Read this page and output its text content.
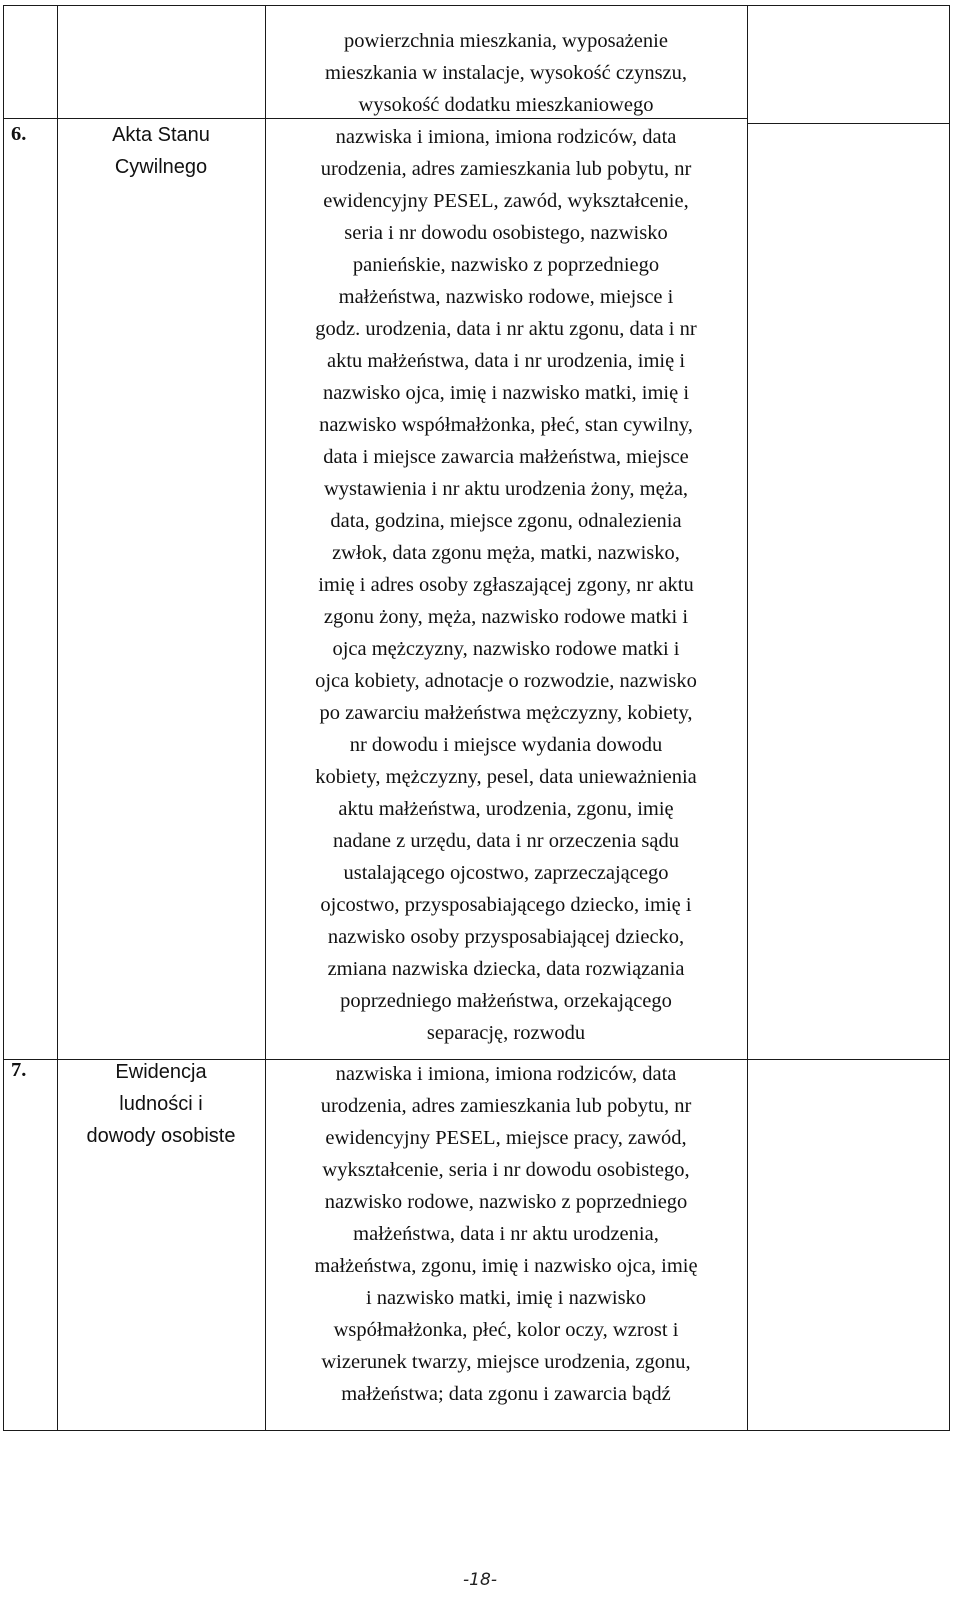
powierzchnia mieszkania, wyposażenie
mieszkania w instalacje, wysokość czynszu,
wysokość dodatku mieszkaniowego
6.	Akta Stanu
Cywilnego
nazwiska i imiona, imiona rodziców, data
urodzenia, adres zamieszkania lub pobytu, nr
ewidencyjny PESEL, zawód, wykształcenie,
seria i nr dowodu osobistego, nazwisko
panieńskie, nazwisko z poprzedniego
małżeństwa, nazwisko rodowe, miejsce i
godz. urodzenia, data i nr aktu zgonu, data i nr
aktu małżeństwa, data i nr urodzenia, imię i
nazwisko ojca, imię i nazwisko matki, imię i
nazwisko współmałżonka, płeć, stan cywilny,
data i miejsce zawarcia małżeństwa, miejsce
wystawienia i nr aktu urodzenia żony, męża,
data, godzina, miejsce zgonu, odnalezienia
zwłok, data zgonu męża, matki, nazwisko,
imię i adres osoby zgłaszającej zgony, nr aktu
zgonu żony, męża, nazwisko rodowe matki i
ojca mężczyzny, nazwisko rodowe matki i
ojca kobiety, adnotacje o rozwodzie, nazwisko
po zawarciu małżeństwa mężczyzny, kobiety,
nr dowodu i miejsce wydania dowodu
kobiety, mężczyzny, pesel, data unieważnienia
aktu małżeństwa, urodzenia, zgonu, imię
nadane z urzędu, data i nr orzeczenia sądu
ustalającego ojcostwo, zaprzeczającego
ojcostwo, przysposabiającego dziecko, imię i
nazwisko osoby przysposabiającej dziecko,
zmiana nazwiska dziecka, data rozwiązania
poprzedniego małżeństwa, orzekającego
separację, rozwodu
7.	Ewidencja
ludności i
dowody osobiste
nazwiska i imiona, imiona rodziców, data
urodzenia, adres zamieszkania lub pobytu, nr
ewidencyjny PESEL, miejsce pracy, zawód,
wykształcenie, seria i nr dowodu osobistego,
nazwisko rodowe, nazwisko z poprzedniego
małżeństwa, data i nr aktu urodzenia,
małżeństwa, zgonu, imię i nazwisko ojca, imię
i nazwisko matki, imię i nazwisko
współmałżonka, płeć, kolor oczy, wzrost i
wizerunek twarzy, miejsce urodzenia, zgonu,
małżeństwa; data zgonu i zawarcia bądź
-18-
